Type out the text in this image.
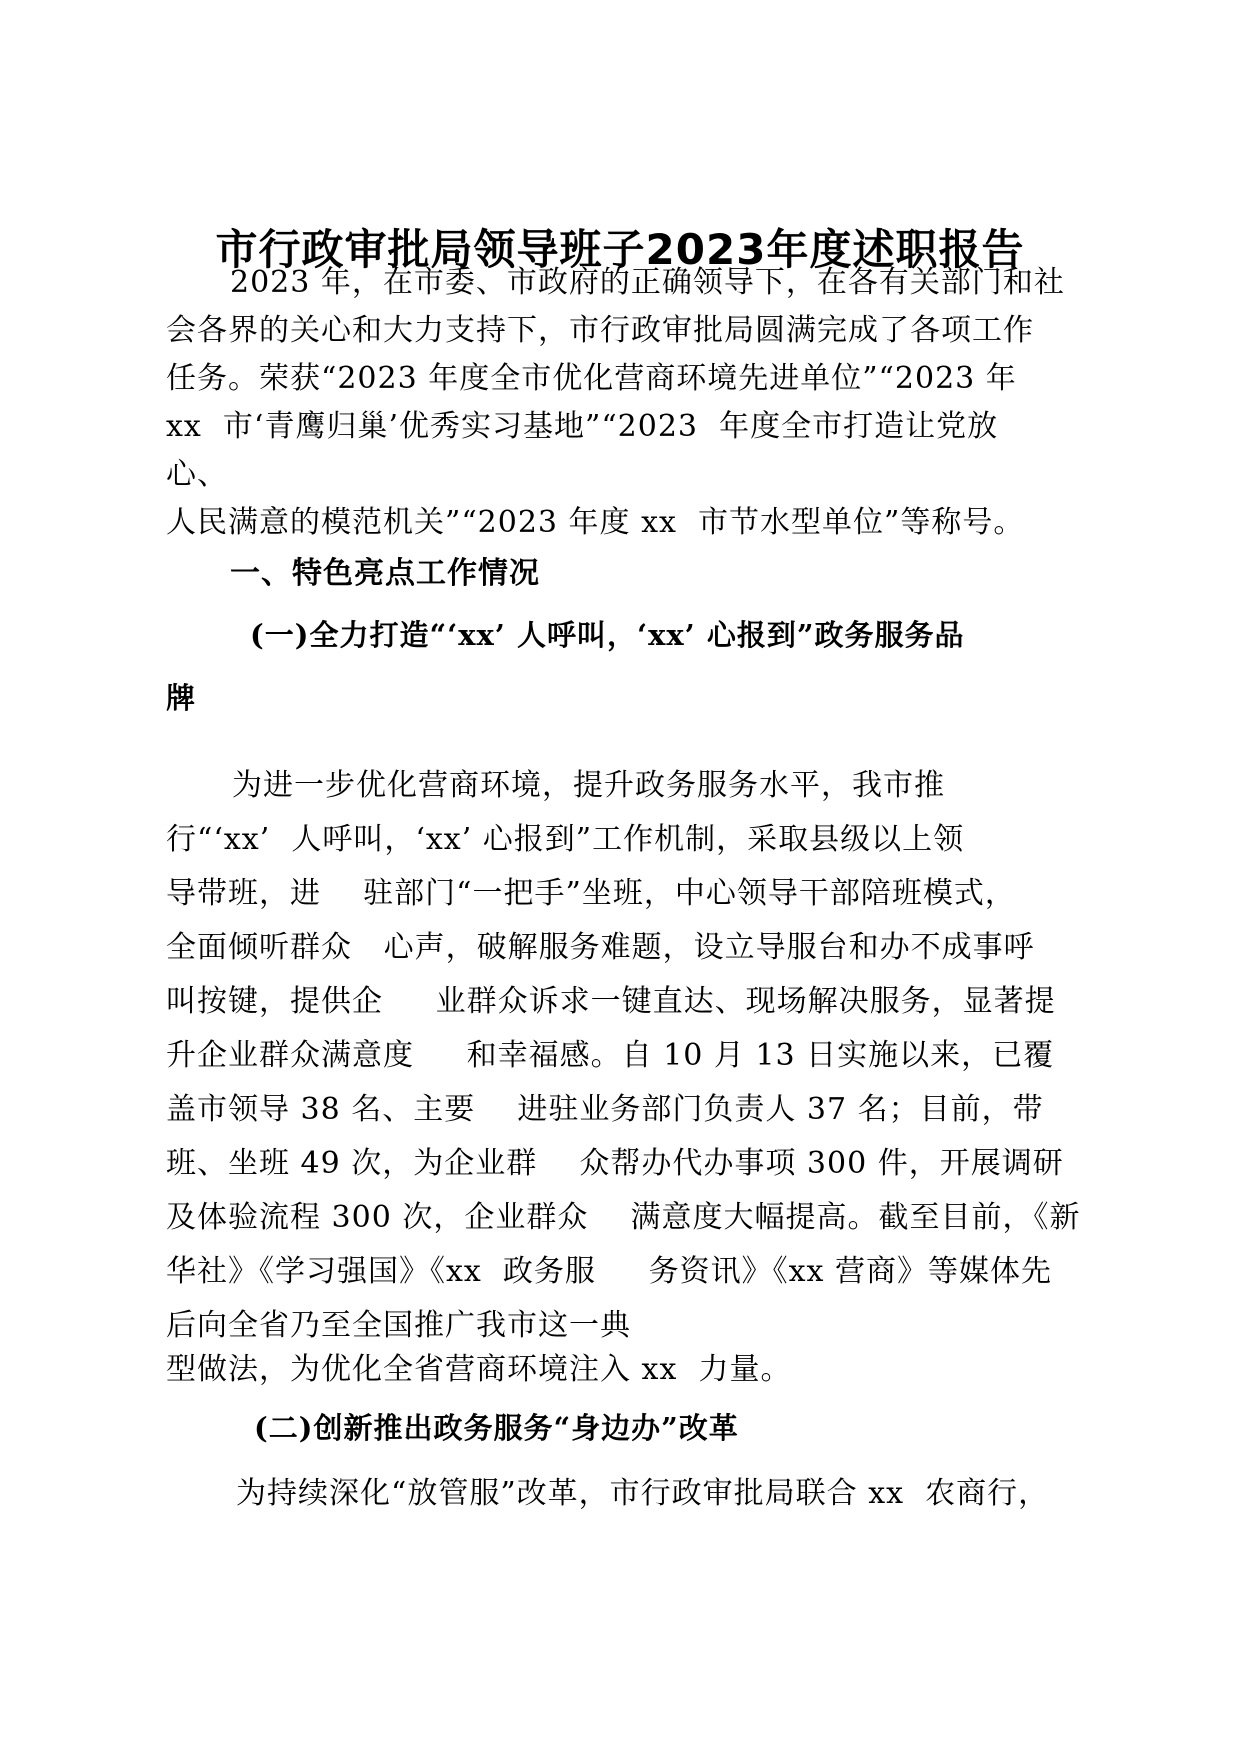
市行政审批局领导班子2023年度述职报告
2023 年，在市委、市政府的正确领导下，在各有关部门和社
会各界的关心和大力支持下，市行政审批局圆满完成了各项工作
任务。荣获“2023 年度全市优化营商环境先进单位”“2023 年
xx  市‘青鹰归巢’优秀实习基地”“2023  年度全市打造让党放
心、
人民满意的模范机关”“2023 年度 xx  市节水型单位”等称号。
一、特色亮点工作情况
(一)全力打造“‘xx’ 人呼叫，‘xx’ 心报到”政务服务品
牌
为进一步优化营商环境，提升政务服务水平，我市推
行“‘xx’  人呼叫，‘xx’ 心报到”工作机制，采取县级以上领
导带班，进    驻部门“一把手”坐班，中心领导干部陪班模式，
全面倾听群众   心声，破解服务难题，设立导服台和办不成事呼
叫按键，提供企     业群众诉求一键直达、现场解决服务，显著提
升企业群众满意度     和幸福感。自 10 月 13 日实施以来，已覆
盖市领导 38 名、主要    进驻业务部门负责人 37 名；目前，带
班、坐班 49 次，为企业群    众帮办代办事项 300 件，开展调研
及体验流程 300 次，企业群众    满意度大幅提高。截至目前，《新
华社》《学习强国》《xx  政务服     务资讯》《xx 营商》等媒体先
后向全省乃至全国推广我市这一典
型做法，为优化全省营商环境注入 xx  力量。
(二)创新推出政务服务“身边办”改革
为持续深化“放管服”改革，市行政审批局联合 xx  农商行，
